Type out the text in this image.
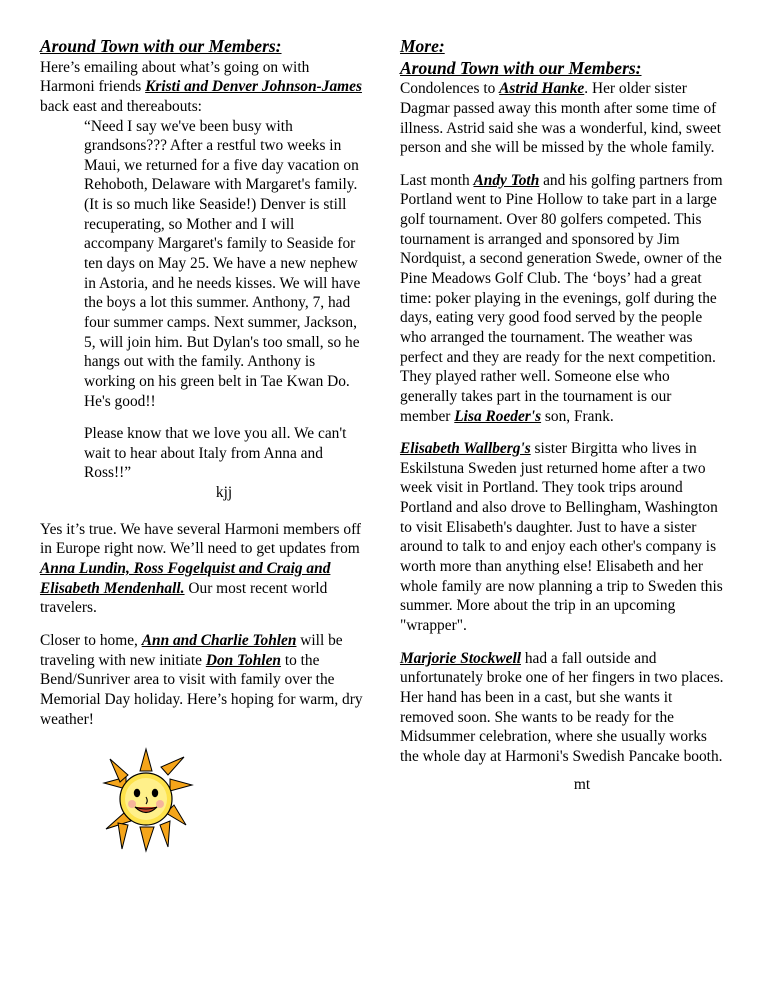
Around Town with our Members:

Here’s emailing about what’s going on with Harmoni friends Kristi and Denver Johnson-James back east and thereabouts:

“Need I say we've been busy with grandsons??? After a restful two weeks in Maui, we returned for a five day vacation on Rehoboth, Delaware with Margaret's family. (It is so much like Seaside!) Denver is still recuperating, so Mother and I will accompany Margaret's family to Seaside for ten days on May 25. We have a new nephew in Astoria, and he needs kisses. We will have the boys a lot this summer. Anthony, 7, had four summer camps. Next summer, Jackson, 5, will join him. But Dylan's too small, so he hangs out with the family. Anthony is working on his green belt in Tae Kwan Do. He's good!!

Please know that we love you all. We can't wait to hear about Italy from Anna and Ross!!”

kjj

Yes it’s true. We have several Harmoni members off in Europe right now. We’ll need to get updates from Anna Lundin, Ross Fogelquist and Craig and Elisabeth Mendenhall. Our most recent world travelers.

Closer to home, Ann and Charlie Tohlen will be traveling with new initiate Don Tohlen to the Bend/Sunriver area to visit with family over the Memorial Day holiday. Here’s hoping for warm, dry weather!

More:
Around Town with our Members:

Condolences to Astrid Hanke. Her older sister Dagmar passed away this month after some time of illness. Astrid said she was a wonderful, kind, sweet person and she will be missed by the whole family.

Last month Andy Toth and his golfing partners from Portland went to Pine Hollow to take part in a large golf tournament. Over 80 golfers competed. This tournament is arranged and sponsored by Jim Nordquist, a second generation Swede, owner of the Pine Meadows Golf Club. The ‘boys’ had a great time: poker playing in the evenings, golf during the days, eating very good food served by the people who arranged the tournament. The weather was perfect and they are ready for the next competition. They played rather well. Someone else who generally takes part in the tournament is our member Lisa Roeder's son, Frank.

Elisabeth Wallberg's sister Birgitta who lives in Eskilstuna Sweden just returned home after a two week visit in Portland. They took trips around Portland and also drove to Bellingham, Washington to visit Elisabeth's daughter. Just to have a sister around to talk to and enjoy each other's company is worth more than anything else! Elisabeth and her whole family are now planning a trip to Sweden this summer. More about the trip in an upcoming "wrapper".

Marjorie Stockwell had a fall outside and unfortunately broke one of her fingers in two places. Her hand has been in a cast, but she wants it removed soon. She wants to be ready for the Midsummer celebration, where she usually works the whole day at Harmoni's Swedish Pancake booth.

mt
